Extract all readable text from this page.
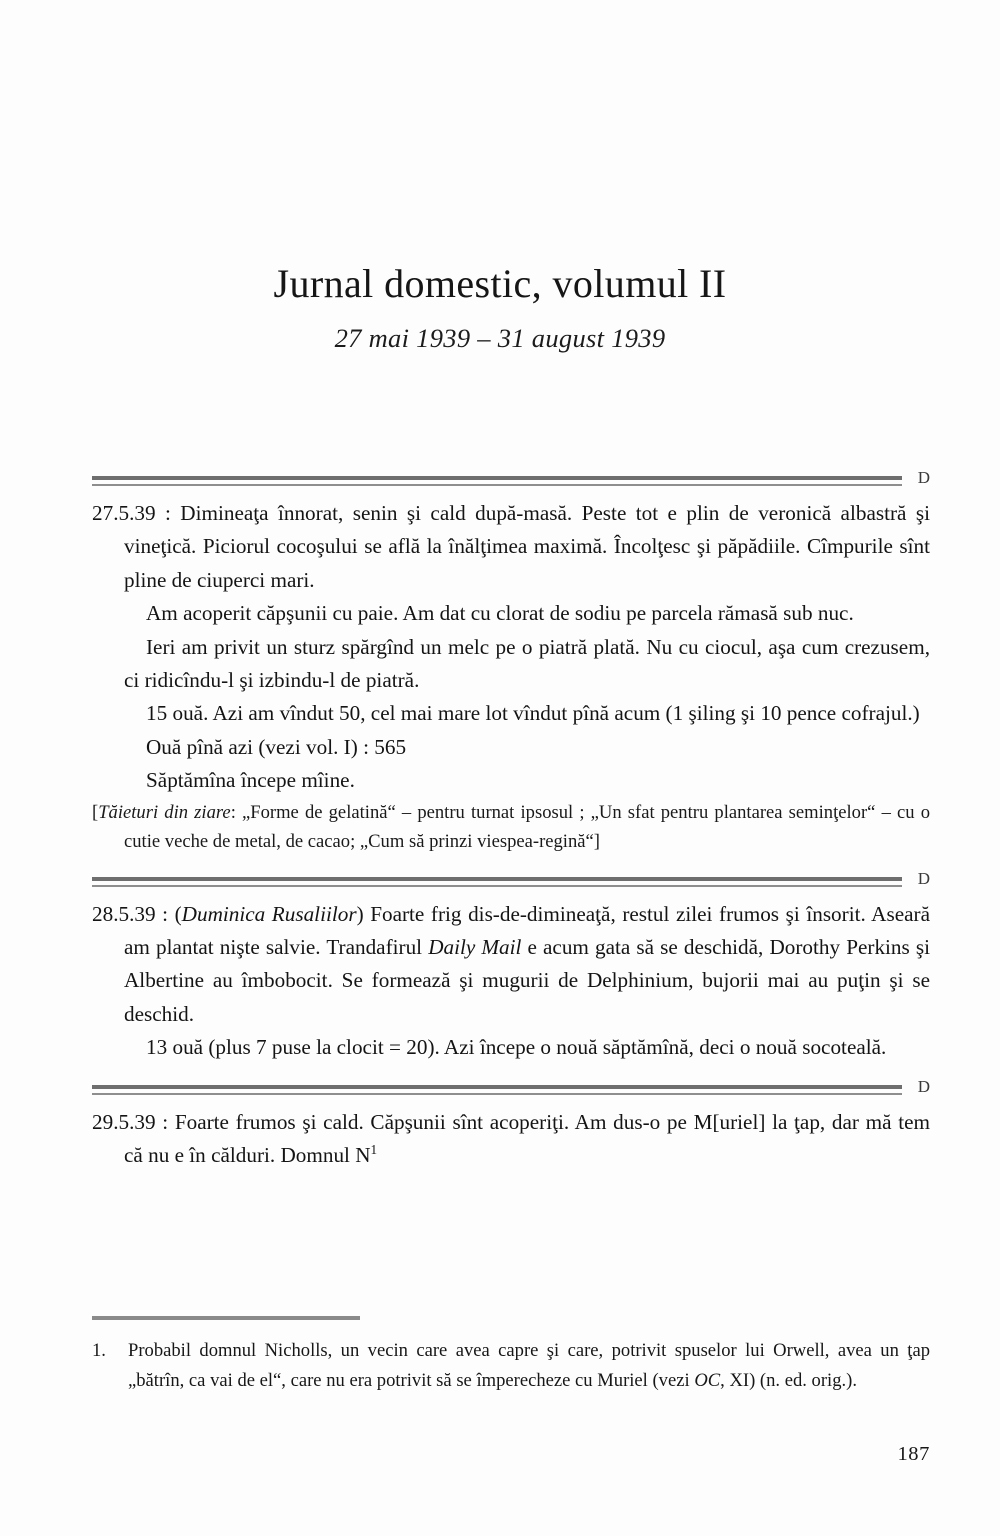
Jurnal domestic, volumul II
27 mai 1939 – 31 august 1939
D

27.5.39 : Dimineaţa înnorat, senin şi cald după-masă. Peste tot e plin de veronică albastră şi vineţică. Piciorul cocoşului se află la înălţimea maximă. Încolţesc şi păpădiile. Cîmpurile sînt pline de ciuperci mari.

Am acoperit căpşunii cu paie. Am dat cu clorat de sodiu pe parcela rămasă sub nuc.

Ieri am privit un sturz spărgînd un melc pe o piatră plată. Nu cu ciocul, aşa cum crezusem, ci ridicîndu-l şi izbindu-l de piatră.

15 ouă. Azi am vîndut 50, cel mai mare lot vîndut pînă acum (1 şiling şi 10 pence cofrajul.)

Ouă pînă azi (vezi vol. I) : 565

Săptămîna începe mîine.

[Tăieturi din ziare: „Forme de gelatină“ – pentru turnat ipsosul ; „Un sfat pentru plantarea seminţelor“ – cu o cutie veche de metal, de cacao; „Cum să prinzi viespea-regină“]

D

28.5.39 : (Duminica Rusaliilor) Foarte frig dis-de-dimineaţă, restul zilei frumos şi însorit. Aseară am plantat nişte salvie. Trandafirul Daily Mail e acum gata să se deschidă, Dorothy Perkins şi Albertine au îmbobocit. Se formează şi mugurii de Delphinium, bujorii mai au puţin şi se deschid.

13 ouă (plus 7 puse la clocit = 20). Azi începe o nouă săptămînă, deci o nouă socoteală.

D

29.5.39 : Foarte frumos şi cald. Căpşunii sînt acoperiţi. Am dus-o pe M[uriel] la ţap, dar mă tem că nu e în călduri. Domnul N$^1$

1. Probabil domnul Nicholls, un vecin care avea capre şi care, potrivit spuselor lui Orwell, avea un ţap „bătrîn, ca vai de el“, care nu era potrivit să se împerecheze cu Muriel (vezi OC, XI) (n. ed. orig.).

187
